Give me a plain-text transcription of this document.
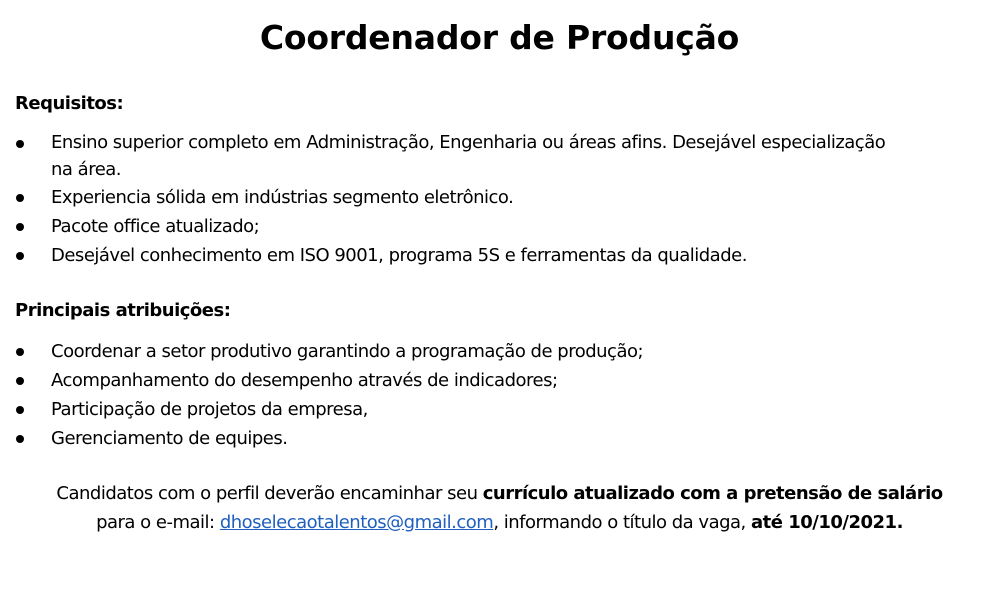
Coordenador de Produção
Requisitos:
Ensino superior completo em Administração, Engenharia ou áreas afins. Desejável especialização na área.
Experiencia sólida em indústrias segmento eletrônico.
Pacote office atualizado;
Desejável conhecimento em ISO 9001, programa 5S e ferramentas da qualidade.
Principais atribuições:
Coordenar a setor produtivo garantindo a programação de produção;
Acompanhamento do desempenho através de indicadores;
Participação de projetos da empresa,
Gerenciamento de equipes.
Candidatos com o perfil deverão encaminhar seu currículo atualizado com a pretensão de salário
para o e-mail: dhoselecaotalentos@gmail.com, informando o título da vaga, até 10/10/2021.
